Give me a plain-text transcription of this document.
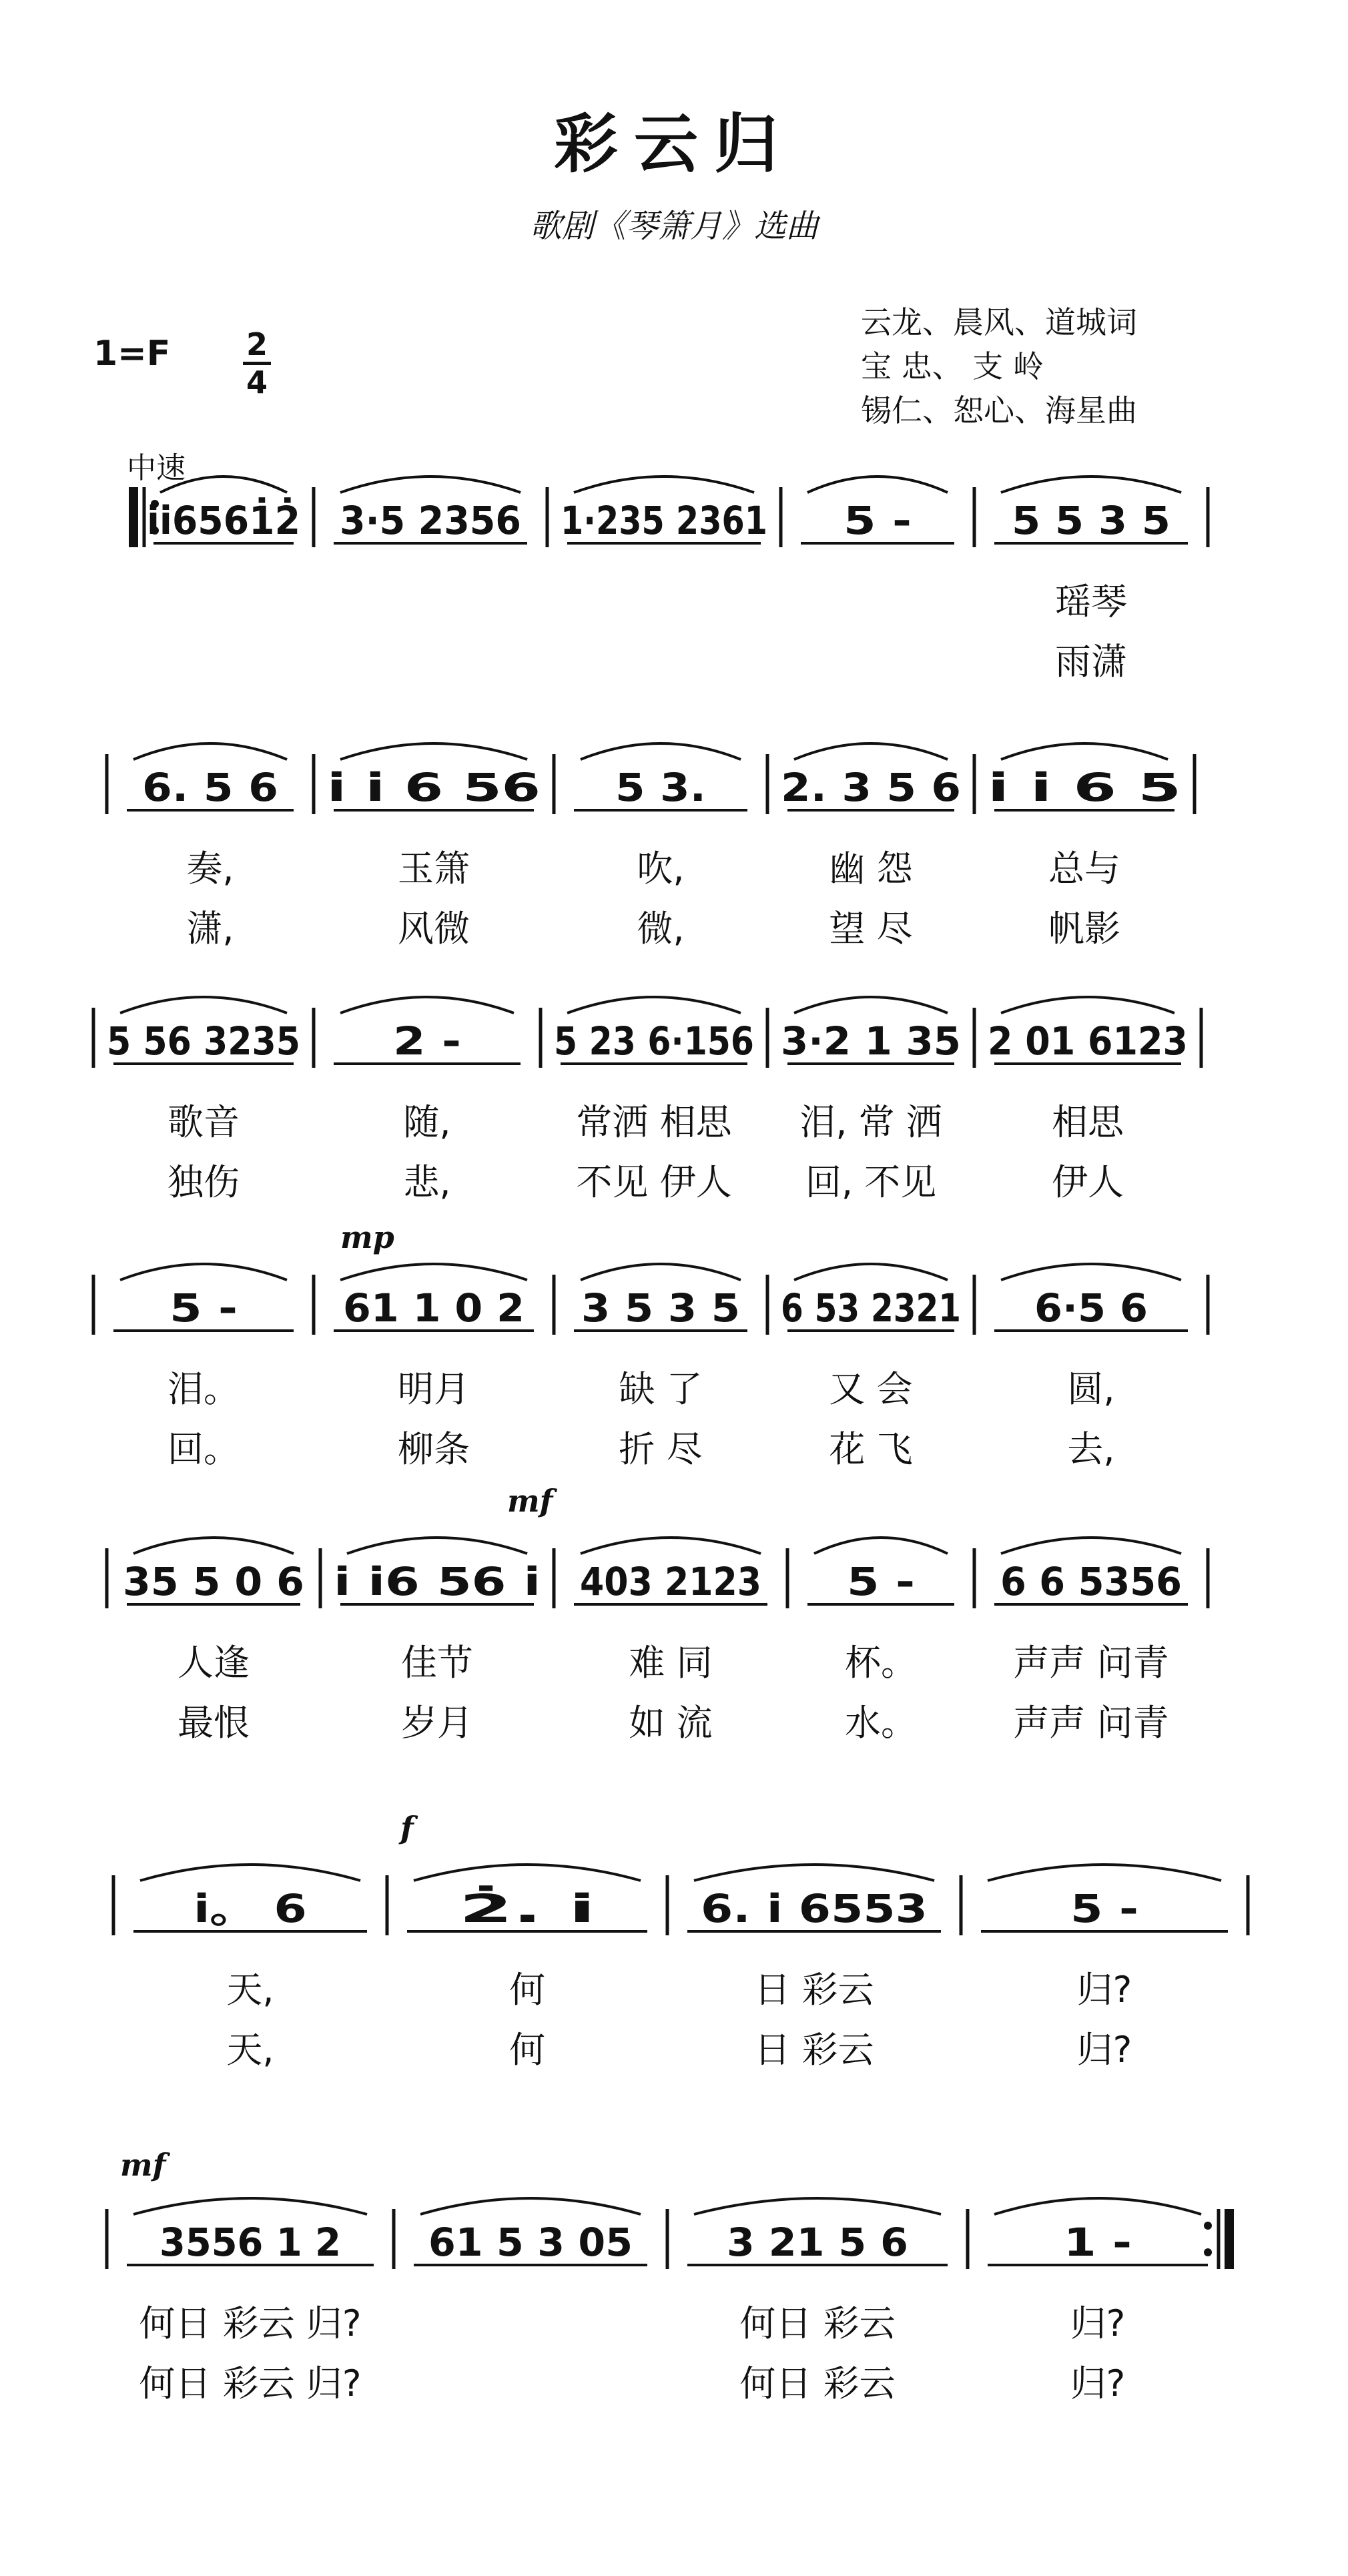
彩云归
歌剧《琴箫月》选曲
云龙、晨风、道城词
宝 忠、 支 岭
锡仁、恕心、海星曲
1=F 2
4
中速
i̇i̇6561̇2̇ 3·5 2356 1·235 2361 5 -	5 5 3 5
瑶琴
雨潇
6. 5 6
奏,
潇,
i̇ i̇ 6 56
玉箫
风微
5 3.
吹,
微,
2. 3 5 6
幽 怨
望 尽
i̇ i̇ 6 5
总与
帆影
5 56 3235
歌音
独伤
2 -
随,
悲,
5 23 6·156
常洒 相思
不见 伊人
3·2 1 35
泪, 常 洒
回, 不见
2 01 6123
相思
伊人
5 -
泪。
回。
61 1 0 2
明月
柳条
3 5 3 5
缺 了
折 尽
6 53 2321
又 会
花 飞
6·5 6
圆,
去,
35 5 0 6
人逢
最恨
i̇ i̇6 56 i̇
佳节
岁月
403 2123
难 同
如 流
5 -
杯。
水。
6 6 5356
声声 问青
声声 问青
i̇。 6
天,
天,
2̇. i̇
何
何
6. i̇ 6553
日 彩云
日 彩云
5 -
归?
归?
3556 1 2
何日 彩云 归?
何日 彩云 归?
61 5 3 05 3 21 5 6
何日 彩云
何日 彩云
1 -
归?
归?
mp
mf
f
mf
